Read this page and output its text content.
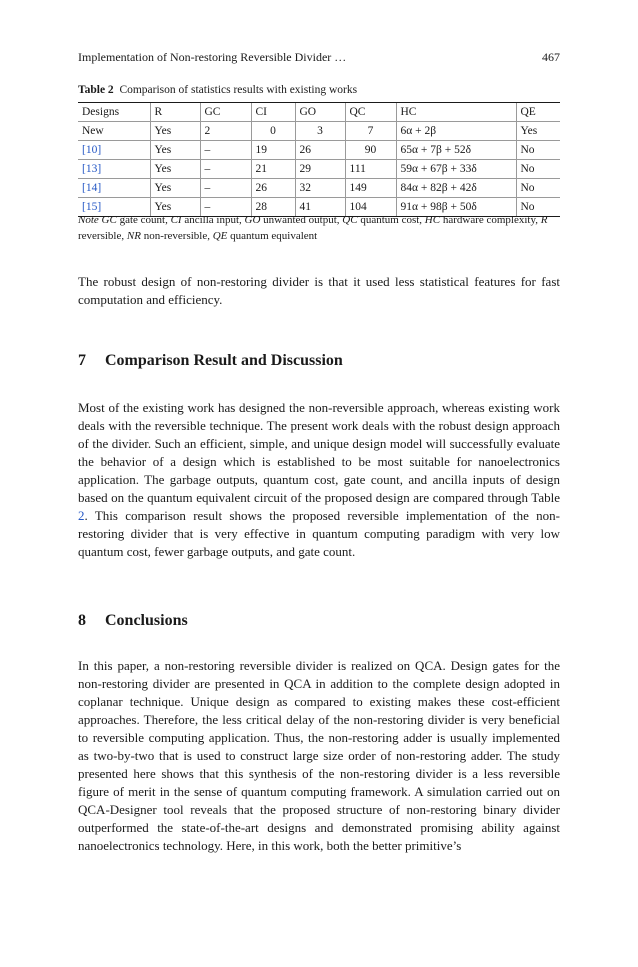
Implementation of Non-restoring Reversible Divider …	467
Table 2 Comparison of statistics results with existing works
Designs	R	GC	CI	GO	QC	HC	QE
New	Yes	2	0	3	7	6α + 2β	Yes
[10]	Yes	–	19	26	90	65α + 7β + 52δ	No
[13]	Yes	–	21	29	111	59α + 67β + 33δ	No
[14]	Yes	–	26	32	149	84α + 82β + 42δ	No
[15]	Yes	–	28	41	104	91α + 98β + 50δ	No
Note GC gate count, CI ancilla input, GO unwanted output, QC quantum cost, HC hardware complexity, R reversible, NR non-reversible, QE quantum equivalent

The robust design of non-restoring divider is that it used less statistical features for fast computation and efficiency.

7 Comparison Result and Discussion

Most of the existing work has designed the non-reversible approach, whereas existing work deals with the reversible technique. The present work deals with the robust design approach of the divider. Such an efficient, simple, and unique design model will successfully evaluate the behavior of a design which is established to be most suitable for nanoelectronics application. The garbage outputs, quantum cost, gate count, and ancilla inputs of design based on the quantum equivalent circuit of the proposed design are compared through Table 2. This comparison result shows the proposed reversible implementation of the non-restoring divider that is very effective in quantum computing paradigm with very low quantum cost, fewer garbage outputs, and gate count.

8 Conclusions

In this paper, a non-restoring reversible divider is realized on QCA. Design gates for the non-restoring divider are presented in QCA in addition to the complete design adopted in coplanar technique. Unique design as compared to existing makes these cost-efficient approaches. Therefore, the less critical delay of the non-restoring divider is very beneficial to reversible computing application. Thus, the non-restoring adder is usually implemented as two-by-two that is used to construct large size order of non-restoring adder. The study presented here shows that this synthesis of the non-restoring divider is a less reversible figure of merit in the sense of quantum computing framework. A simulation carried out on QCA-Designer tool reveals that the proposed structure of non-restoring binary divider outperformed the state-of-the-art designs and demonstrated promising ability against nanoelectronics technology. Here, in this work, both the better primitive’s
